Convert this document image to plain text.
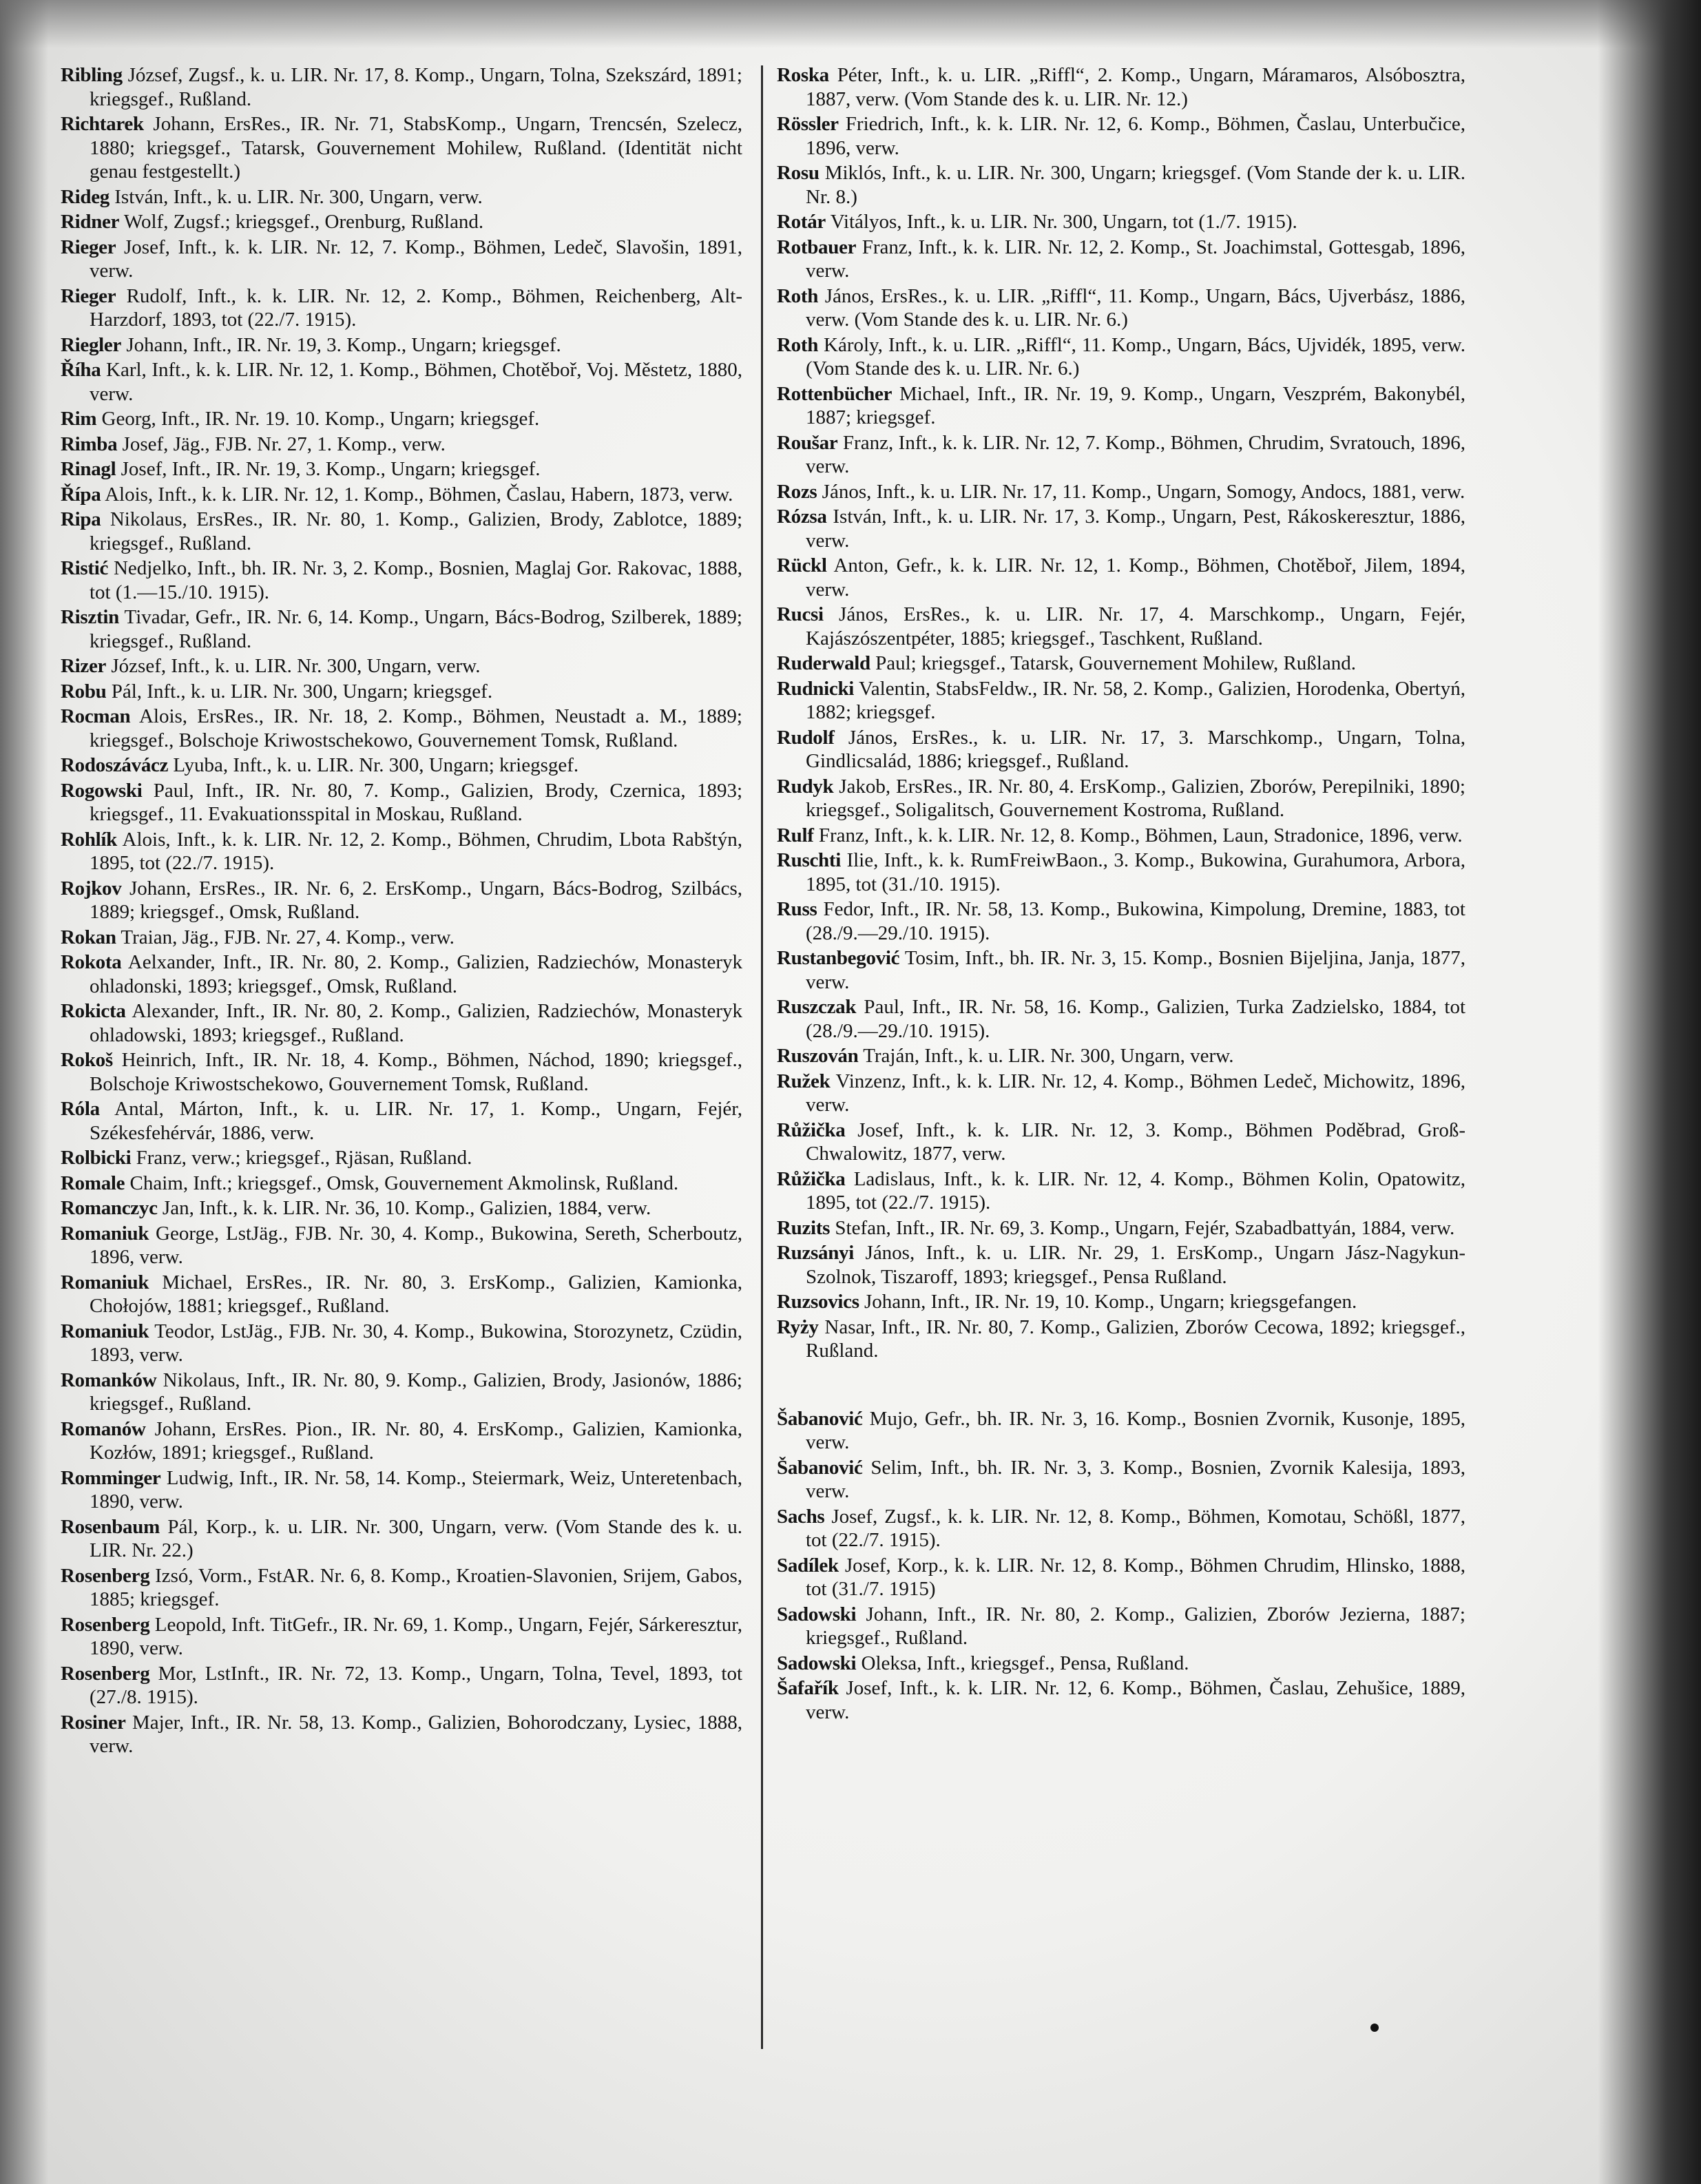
Ribling József, Zugsf., k. u. LIR. Nr. 17, 8. Komp., Ungarn, Tolna, Szekszárd, 1891; kriegsgef., Rußland.

Richtarek Johann, ErsRes., IR. Nr. 71, StabsKomp., Ungarn, Trencsén, Szelecz, 1880; kriegsgef., Tatarsk, Gouvernement Mohilew, Rußland. (Identität nicht genau festgestellt.)

Rideg István, Inft., k. u. LIR. Nr. 300, Ungarn, verw.

Ridner Wolf, Zugsf.; kriegsgef., Orenburg, Rußland.

Rieger Josef, Inft., k. k. LIR. Nr. 12, 7. Komp., Böhmen, Ledeč, Slavošin, 1891, verw.

Rieger Rudolf, Inft., k. k. LIR. Nr. 12, 2. Komp., Böhmen, Reichenberg, Alt-Harzdorf, 1893, tot (22./7. 1915).

Riegler Johann, Inft., IR. Nr. 19, 3. Komp., Ungarn; kriegsgef.

Říha Karl, Inft., k. k. LIR. Nr. 12, 1. Komp., Böhmen, Chotěboř, Voj. Městetz, 1880, verw.

Rim Georg, Inft., IR. Nr. 19. 10. Komp., Ungarn; kriegsgef.

Rimba Josef, Jäg., FJB. Nr. 27, 1. Komp., verw.

Rinagl Josef, Inft., IR. Nr. 19, 3. Komp., Ungarn; kriegsgef.

Řípa Alois, Inft., k. k. LIR. Nr. 12, 1. Komp., Böhmen, Časlau, Habern, 1873, verw.

Ripa Nikolaus, ErsRes., IR. Nr. 80, 1. Komp., Galizien, Brody, Zablotce, 1889; kriegsgef., Rußland.

Ristić Nedjelko, Inft., bh. IR. Nr. 3, 2. Komp., Bosnien, Maglaj Gor. Rakovac, 1888, tot (1.—15./10. 1915).

Risztin Tivadar, Gefr., IR. Nr. 6, 14. Komp., Ungarn, Bács-Bodrog, Szilberek, 1889; kriegsgef., Rußland.

Rizer József, Inft., k. u. LIR. Nr. 300, Ungarn, verw.

Robu Pál, Inft., k. u. LIR. Nr. 300, Ungarn; kriegsgef.

Rocman Alois, ErsRes., IR. Nr. 18, 2. Komp., Böhmen, Neustadt a. M., 1889; kriegsgef., Bolschoje Kriwostschekowo, Gouvernement Tomsk, Rußland.

Rodoszávácz Lyuba, Inft., k. u. LIR. Nr. 300, Ungarn; kriegsgef.

Rogowski Paul, Inft., IR. Nr. 80, 7. Komp., Galizien, Brody, Czernica, 1893; kriegsgef., 11. Evakuationsspital in Moskau, Rußland.

Rohlík Alois, Inft., k. k. LIR. Nr. 12, 2. Komp., Böhmen, Chrudim, Lbota Rabštýn, 1895, tot (22./7. 1915).

Rojkov Johann, ErsRes., IR. Nr. 6, 2. ErsKomp., Ungarn, Bács-Bodrog, Szilbács, 1889; kriegsgef., Omsk, Rußland.

Rokan Traian, Jäg., FJB. Nr. 27, 4. Komp., verw.

Rokota Aelxander, Inft., IR. Nr. 80, 2. Komp., Galizien, Radziechów, Monasteryk ohladonski, 1893; kriegsgef., Omsk, Rußland.

Rokicta Alexander, Inft., IR. Nr. 80, 2. Komp., Galizien, Radziechów, Monasteryk ohladowski, 1893; kriegsgef., Rußland.

Rokoš Heinrich, Inft., IR. Nr. 18, 4. Komp., Böhmen, Náchod, 1890; kriegsgef., Bolschoje Kriwostschekowo, Gouvernement Tomsk, Rußland.

Róla Antal, Márton, Inft., k. u. LIR. Nr. 17, 1. Komp., Ungarn, Fejér, Székesfehérvár, 1886, verw.

Rolbicki Franz, verw.; kriegsgef., Rjäsan, Rußland.

Romale Chaim, Inft.; kriegsgef., Omsk, Gouvernement Akmolinsk, Rußland.

Romanczyc Jan, Inft., k. k. LIR. Nr. 36, 10. Komp., Galizien, 1884, verw.

Romaniuk George, LstJäg., FJB. Nr. 30, 4. Komp., Bukowina, Sereth, Scherboutz, 1896, verw.

Romaniuk Michael, ErsRes., IR. Nr. 80, 3. ErsKomp., Galizien, Kamionka, Chołojów, 1881; kriegsgef., Rußland.

Romaniuk Teodor, LstJäg., FJB. Nr. 30, 4. Komp., Bukowina, Storozynetz, Czüdin, 1893, verw.

Romanków Nikolaus, Inft., IR. Nr. 80, 9. Komp., Galizien, Brody, Jasionów, 1886; kriegsgef., Rußland.

Romanów Johann, ErsRes. Pion., IR. Nr. 80, 4. ErsKomp., Galizien, Kamionka, Kozłów, 1891; kriegsgef., Rußland.

Romminger Ludwig, Inft., IR. Nr. 58, 14. Komp., Steiermark, Weiz, Unteretenbach, 1890, verw.

Rosenbaum Pál, Korp., k. u. LIR. Nr. 300, Ungarn, verw. (Vom Stande des k. u. LIR. Nr. 22.)

Rosenberg Izsó, Vorm., FstAR. Nr. 6, 8. Komp., Kroatien-Slavonien, Srijem, Gabos, 1885; kriegsgef.

Rosenberg Leopold, Inft. TitGefr., IR. Nr. 69, 1. Komp., Ungarn, Fejér, Sárkeresztur, 1890, verw.

Rosenberg Mor, LstInft., IR. Nr. 72, 13. Komp., Ungarn, Tolna, Tevel, 1893, tot (27./8. 1915).

Rosiner Majer, Inft., IR. Nr. 58, 13. Komp., Galizien, Bohorodczany, Lysiec, 1888, verw.

Roska Péter, Inft., k. u. LIR. „Riffl“, 2. Komp., Ungarn, Máramaros, Alsóbosztra, 1887, verw. (Vom Stande des k. u. LIR. Nr. 12.)

Rössler Friedrich, Inft., k. k. LIR. Nr. 12, 6. Komp., Böhmen, Časlau, Unterbučice, 1896, verw.

Rosu Miklós, Inft., k. u. LIR. Nr. 300, Ungarn; kriegsgef. (Vom Stande der k. u. LIR. Nr. 8.)

Rotár Vitályos, Inft., k. u. LIR. Nr. 300, Ungarn, tot (1./7. 1915).

Rotbauer Franz, Inft., k. k. LIR. Nr. 12, 2. Komp., St. Joachimstal, Gottesgab, 1896, verw.

Roth János, ErsRes., k. u. LIR. „Riffl“, 11. Komp., Ungarn, Bács, Ujverbász, 1886, verw. (Vom Stande des k. u. LIR. Nr. 6.)

Roth Károly, Inft., k. u. LIR. „Riffl“, 11. Komp., Ungarn, Bács, Ujvidék, 1895, verw. (Vom Stande des k. u. LIR. Nr. 6.)

Rottenbücher Michael, Inft., IR. Nr. 19, 9. Komp., Ungarn, Veszprém, Bakonybél, 1887; kriegsgef.

Roušar Franz, Inft., k. k. LIR. Nr. 12, 7. Komp., Böhmen, Chrudim, Svratouch, 1896, verw.

Rozs János, Inft., k. u. LIR. Nr. 17, 11. Komp., Ungarn, Somogy, Andocs, 1881, verw.

Rózsa István, Inft., k. u. LIR. Nr. 17, 3. Komp., Ungarn, Pest, Rákoskeresztur, 1886, verw.

Rückl Anton, Gefr., k. k. LIR. Nr. 12, 1. Komp., Böhmen, Chotěboř, Jilem, 1894, verw.

Rucsi János, ErsRes., k. u. LIR. Nr. 17, 4. Marschkomp., Ungarn, Fejér, Kajászószentpéter, 1885; kriegsgef., Taschkent, Rußland.

Ruderwald Paul; kriegsgef., Tatarsk, Gouvernement Mohilew, Rußland.

Rudnicki Valentin, StabsFeldw., IR. Nr. 58, 2. Komp., Galizien, Horodenka, Obertyń, 1882; kriegsgef.

Rudolf János, ErsRes., k. u. LIR. Nr. 17, 3. Marschkomp., Ungarn, Tolna, Gindlicsalád, 1886; kriegsgef., Rußland.

Rudyk Jakob, ErsRes., IR. Nr. 80, 4. ErsKomp., Galizien, Zborów, Perepilniki, 1890; kriegsgef., Soligalitsch, Gouvernement Kostroma, Rußland.

Rulf Franz, Inft., k. k. LIR. Nr. 12, 8. Komp., Böhmen, Laun, Stradonice, 1896, verw.

Ruschti Ilie, Inft., k. k. RumFreiwBaon., 3. Komp., Bukowina, Gurahumora, Arbora, 1895, tot (31./10. 1915).

Russ Fedor, Inft., IR. Nr. 58, 13. Komp., Bukowina, Kimpolung, Dremine, 1883, tot (28./9.—29./10. 1915).

Rustanbegović Tosim, Inft., bh. IR. Nr. 3, 15. Komp., Bosnien Bijeljina, Janja, 1877, verw.

Ruszczak Paul, Inft., IR. Nr. 58, 16. Komp., Galizien, Turka Zadzielsko, 1884, tot (28./9.—29./10. 1915).

Ruszován Traján, Inft., k. u. LIR. Nr. 300, Ungarn, verw.

Ružek Vinzenz, Inft., k. k. LIR. Nr. 12, 4. Komp., Böhmen Ledeč, Michowitz, 1896, verw.

Růžička Josef, Inft., k. k. LIR. Nr. 12, 3. Komp., Böhmen Poděbrad, Groß-Chwalowitz, 1877, verw.

Růžička Ladislaus, Inft., k. k. LIR. Nr. 12, 4. Komp., Böhmen Kolin, Opatowitz, 1895, tot (22./7. 1915).

Ruzits Stefan, Inft., IR. Nr. 69, 3. Komp., Ungarn, Fejér, Szabadbattyán, 1884, verw.

Ruzsányi János, Inft., k. u. LIR. Nr. 29, 1. ErsKomp., Ungarn Jász-Nagykun-Szolnok, Tiszaroff, 1893; kriegsgef., Pensa Rußland.

Ruzsovics Johann, Inft., IR. Nr. 19, 10. Komp., Ungarn; kriegsgefangen.

Ryży Nasar, Inft., IR. Nr. 80, 7. Komp., Galizien, Zborów Cecowa, 1892; kriegsgef., Rußland.

Šabanović Mujo, Gefr., bh. IR. Nr. 3, 16. Komp., Bosnien Zvornik, Kusonje, 1895, verw.

Šabanović Selim, Inft., bh. IR. Nr. 3, 3. Komp., Bosnien, Zvornik Kalesija, 1893, verw.

Sachs Josef, Zugsf., k. k. LIR. Nr. 12, 8. Komp., Böhmen, Komotau, Schößl, 1877, tot (22./7. 1915).

Sadílek Josef, Korp., k. k. LIR. Nr. 12, 8. Komp., Böhmen Chrudim, Hlinsko, 1888, tot (31./7. 1915)

Sadowski Johann, Inft., IR. Nr. 80, 2. Komp., Galizien, Zborów Jezierna, 1887; kriegsgef., Rußland.

Sadowski Oleksa, Inft., kriegsgef., Pensa, Rußland.

Šafařík Josef, Inft., k. k. LIR. Nr. 12, 6. Komp., Böhmen, Časlau, Zehušice, 1889, verw.
